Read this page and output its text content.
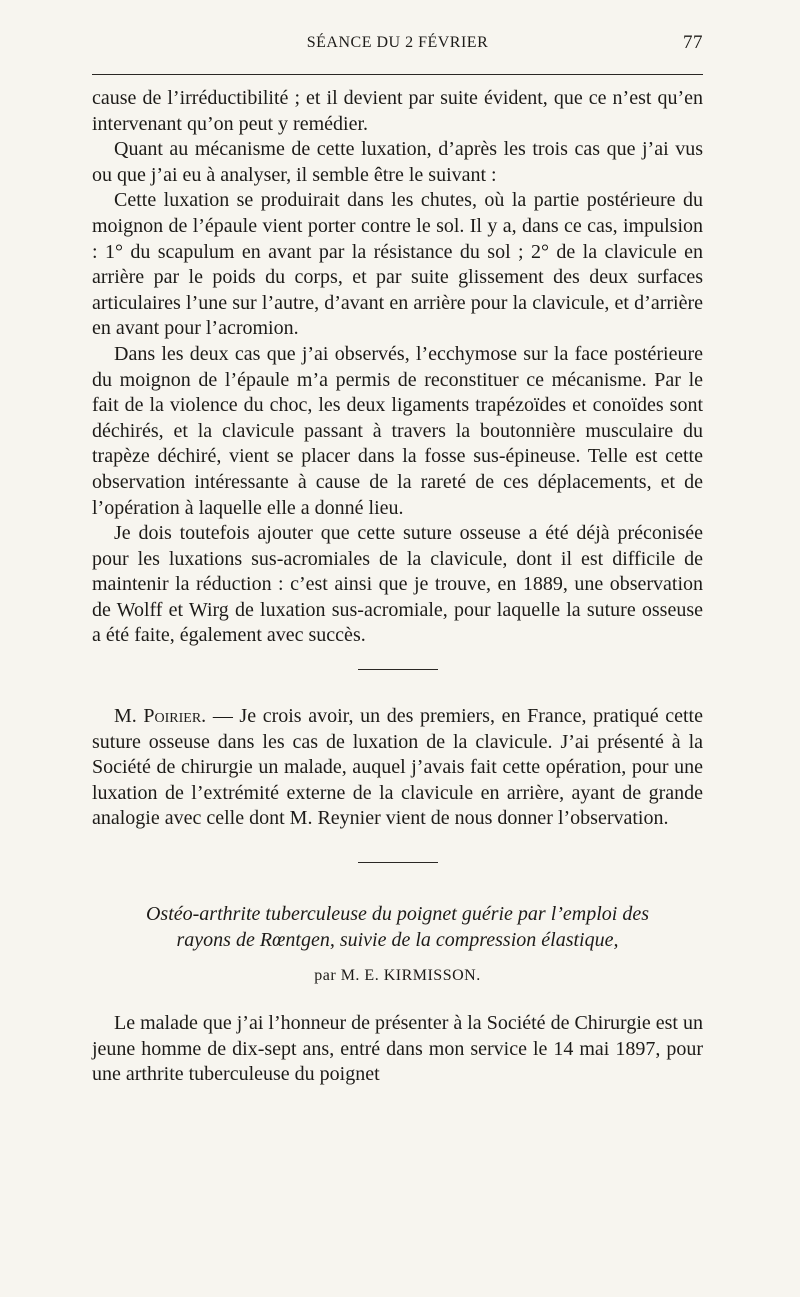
SÉANCE DU 2 FÉVRIER	77

cause de l’irréductibilité ; et il devient par suite évident, que ce n’est qu’en intervenant qu’on peut y remédier.

Quant au mécanisme de cette luxation, d’après les trois cas que j’ai vus ou que j’ai eu à analyser, il semble être le suivant :

Cette luxation se produirait dans les chutes, où la partie postérieure du moignon de l’épaule vient porter contre le sol. Il y a, dans ce cas, impulsion : 1° du scapulum en avant par la résistance du sol ; 2° de la clavicule en arrière par le poids du corps, et par suite glissement des deux surfaces articulaires l’une sur l’autre, d’avant en arrière pour la clavicule, et d’arrière en avant pour l’acromion.

Dans les deux cas que j’ai observés, l’ecchymose sur la face postérieure du moignon de l’épaule m’a permis de reconstituer ce mécanisme. Par le fait de la violence du choc, les deux ligaments trapézoïdes et conoïdes sont déchirés, et la clavicule passant à travers la boutonnière musculaire du trapèze déchiré, vient se placer dans la fosse sus-épineuse. Telle est cette observation intéressante à cause de la rareté de ces déplacements, et de l’opération à laquelle elle a donné lieu.

Je dois toutefois ajouter que cette suture osseuse a été déjà préconisée pour les luxations sus-acromiales de la clavicule, dont il est difficile de maintenir la réduction : c’est ainsi que je trouve, en 1889, une observation de Wolff et Wirg de luxation sus-acromiale, pour laquelle la suture osseuse a été faite, également avec succès.

M. Poirier. — Je crois avoir, un des premiers, en France, pratiqué cette suture osseuse dans les cas de luxation de la clavicule. J’ai présenté à la Société de chirurgie un malade, auquel j’avais fait cette opération, pour une luxation de l’extrémité externe de la clavicule en arrière, ayant de grande analogie avec celle dont M. Reynier vient de nous donner l’observation.

Ostéo-arthrite tuberculeuse du poignet guérie par l’emploi des

rayons de Rœntgen, suivie de la compression élastique,

par M. E. KIRMISSON.

Le malade que j’ai l’honneur de présenter à la Société de Chirurgie est un jeune homme de dix-sept ans, entré dans mon service le 14 mai 1897, pour une arthrite tuberculeuse du poignet
